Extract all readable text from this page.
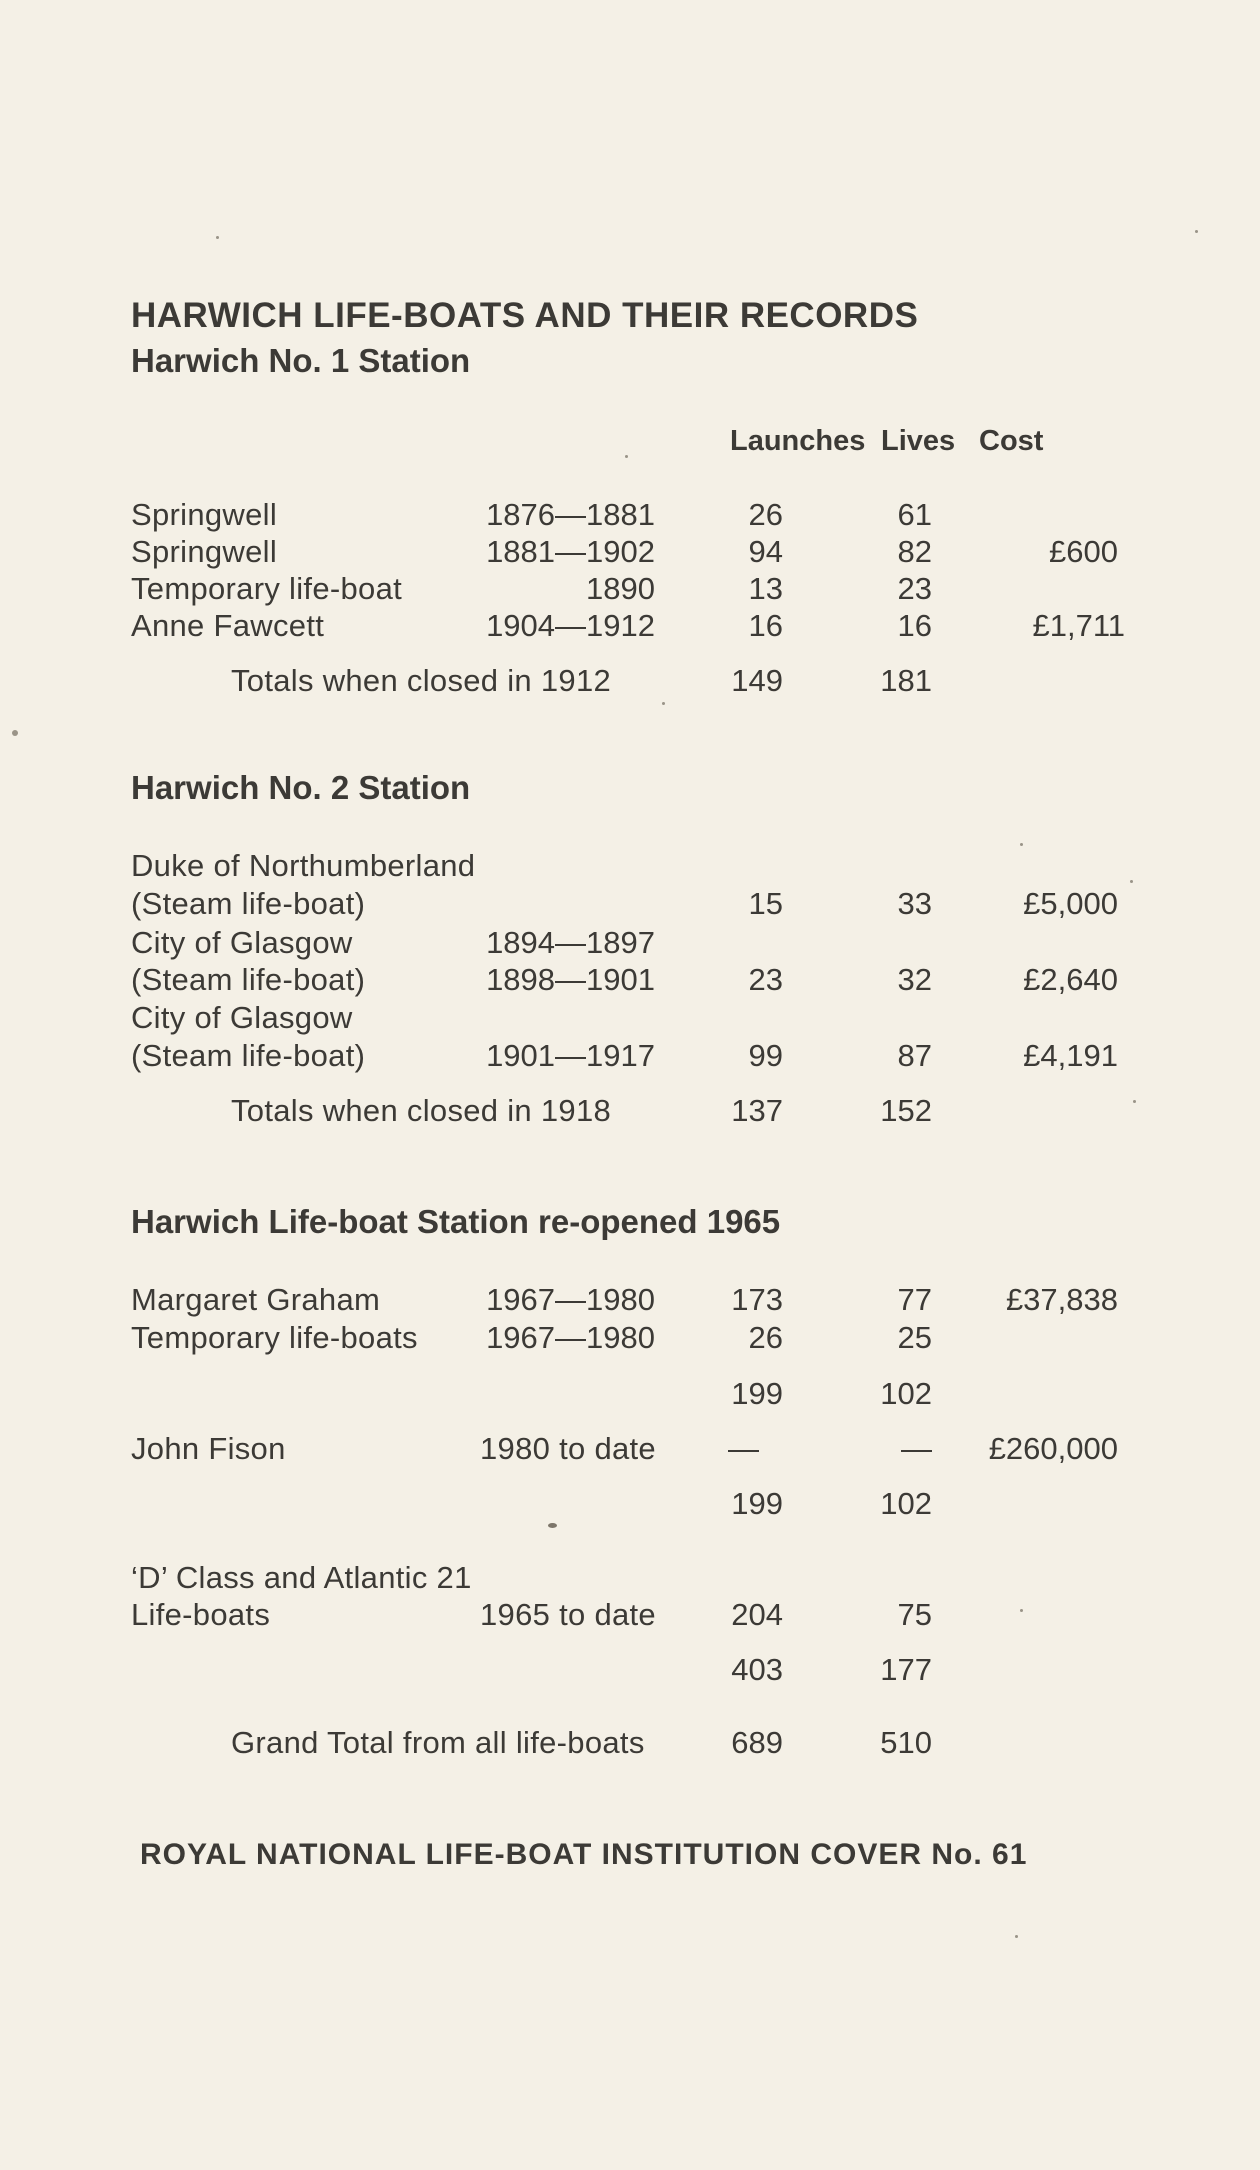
HARWICH LIFE-BOATS AND THEIR RECORDS
Harwich No. 1 Station
Launches Lives Cost
Springwell	1876—1881	26	61
Springwell	1881—1902	94	82	£600
Temporary life-boat	1890	13	23
Anne Fawcett	1904—1912	16	16	£1,711
Totals when closed in 1912	149	181
Harwich No. 2 Station
Duke of Northumberland
(Steam life-boat)	15	33	£5,000
City of Glasgow	1894—1897
(Steam life-boat)	1898—1901	23	32	£2,640
City of Glasgow
(Steam life-boat)	1901—1917	99	87	£4,191
Totals when closed in 1918	137	152
Harwich Life-boat Station re-opened 1965
Margaret Graham	1967—1980 173	77 £37,838
Temporary life-boats 1967—1980	26	25
199	102
John Fison	1980 to date —	— £260,000
199	102
‘D’ Class and Atlantic 21
Life-boats	1965 to date 204	75
403	177
Grand Total from all life-boats	689	510
ROYAL NATIONAL LIFE-BOAT INSTITUTION COVER No. 61
